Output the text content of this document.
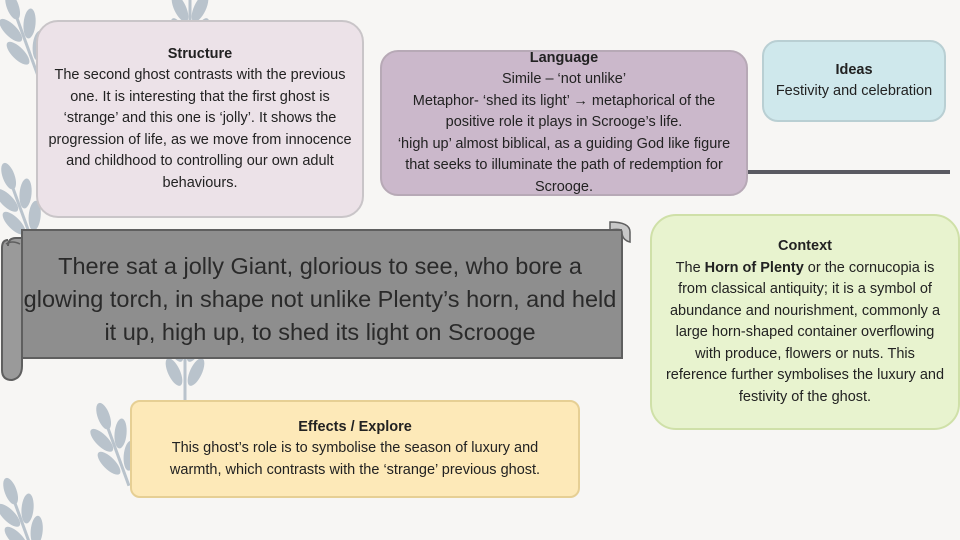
Structure
The second ghost contrasts with the previous one. It is interesting that the first ghost is ‘strange’ and this one is ‘jolly’. It shows the progression of life, as we move from innocence and childhood to controlling our own adult behaviours.
Language
Simile – ‘not unlike’
Metaphor- ‘shed its light’ → metaphorical of the positive role it plays in Scrooge’s life.
‘high up’ almost biblical, as a guiding God like figure that seeks to illuminate the path of redemption for Scrooge.
Ideas
Festivity and celebration
There sat a jolly Giant, glorious to see, who bore a glowing torch, in shape not unlike Plenty’s horn, and held it up, high up, to shed its light on Scrooge
Context
The Horn of Plenty or the cornucopia is from classical antiquity; it is a symbol of abundance and nourishment, commonly a large horn-shaped container overflowing with produce, flowers or nuts. This reference further symbolises the luxury and festivity of the ghost.
Effects / Explore
This ghost’s role is to symbolise the season of luxury and warmth, which contrasts with the ‘strange’ previous ghost.
